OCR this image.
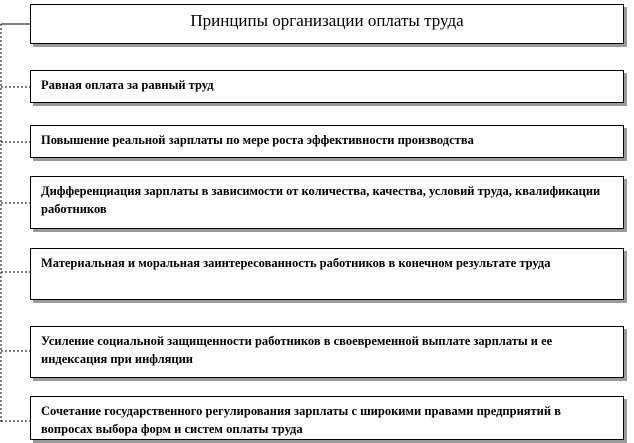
Принципы организации оплаты труда
Равная оплата за равный труд
Повышение реальной зарплаты по мере роста эффективности производства
Дифференциация зарплаты в зависимости от количества, качества, условий труда, квалификации работников
Материальная и моральная заинтересованность работников в конечном результате труда
Усиление социальной защищенности работников в своевременной выплате зарплаты и ее индексация при инфляции
Сочетание государственного регулирования зарплаты с широкими правами предприятий в вопросах выбора форм и систем оплаты труда
